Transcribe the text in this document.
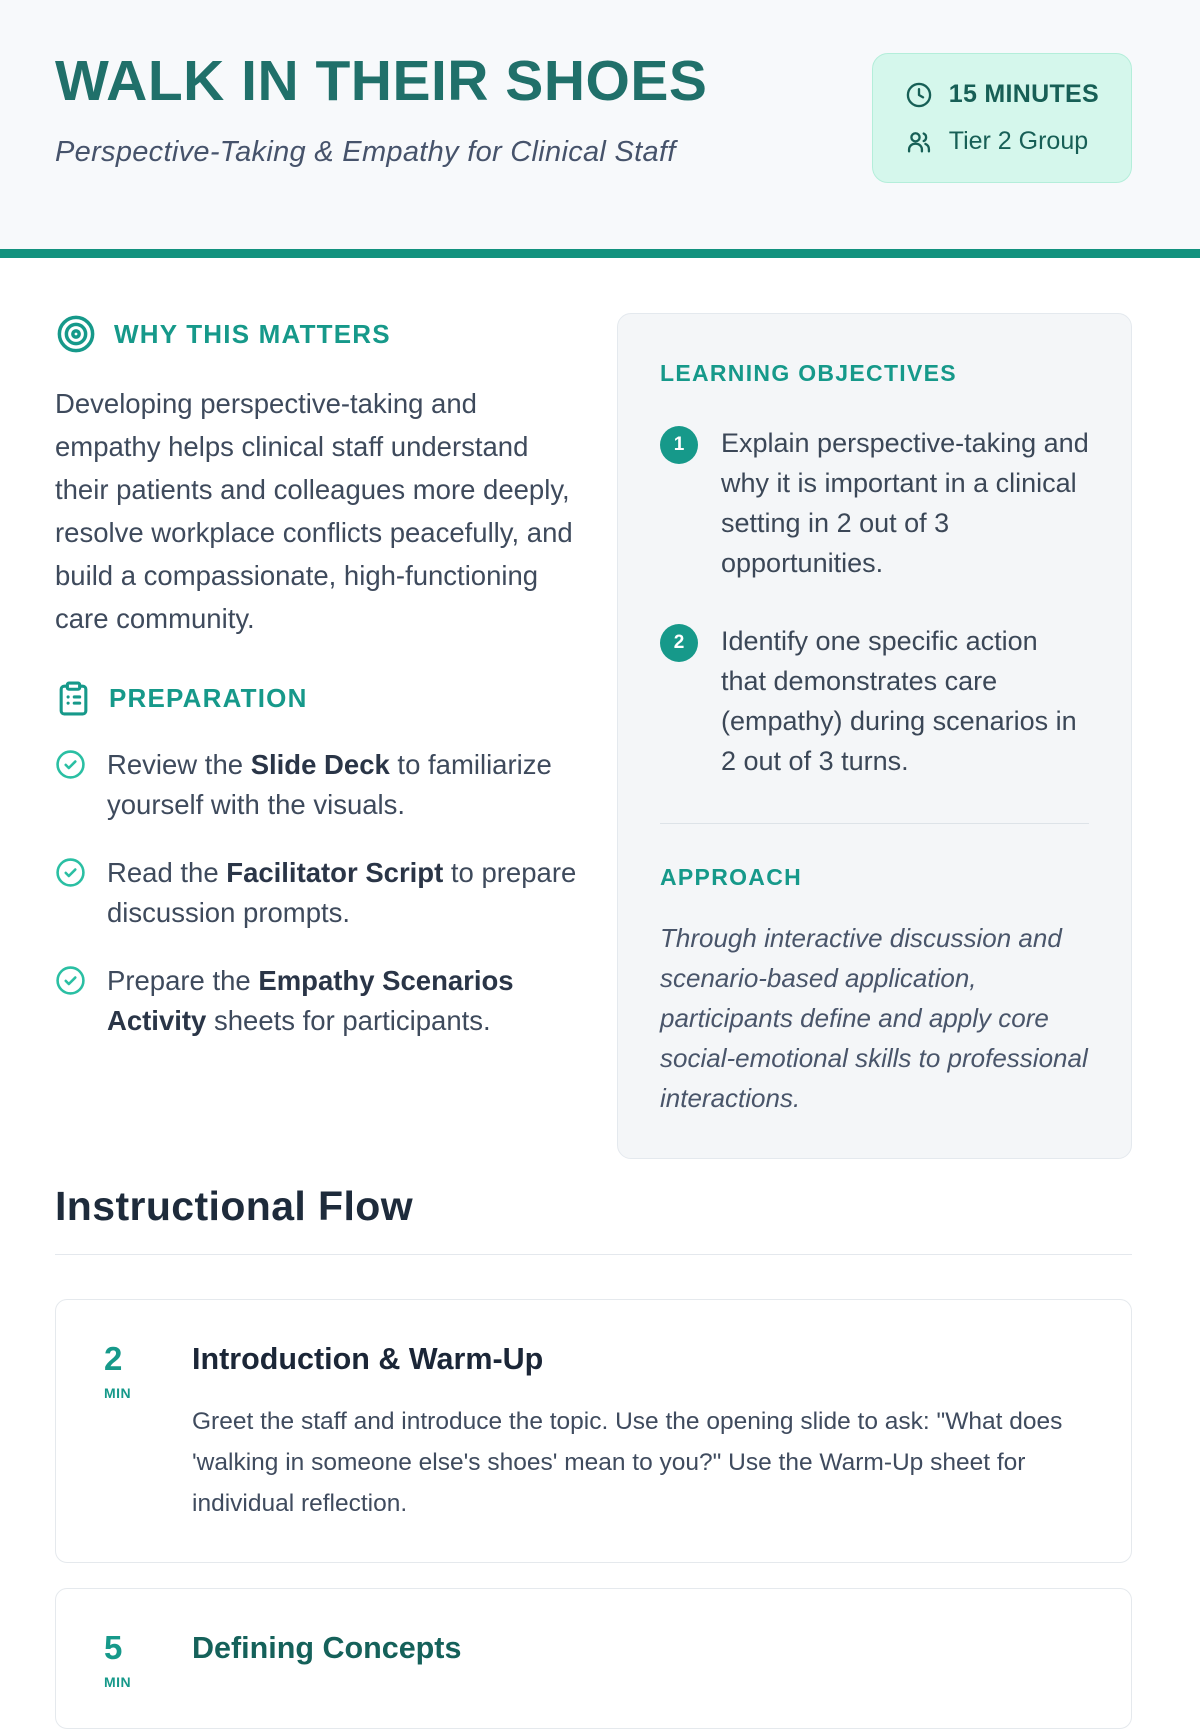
WALK IN THEIR SHOES

Perspective-Taking & Empathy for Clinical Staff

15 MINUTES
Tier 2 Group
WHY THIS MATTERS

Developing perspective-taking and empathy helps clinical staff understand their patients and colleagues more deeply, resolve workplace conflicts peacefully, and build a compassionate, high-functioning care community.

PREPARATION

Review the Slide Deck to familiarize yourself with the visuals.

Read the Facilitator Script to prepare discussion prompts.

Prepare the Empathy Scenarios Activity sheets for participants.

LEARNING OBJECTIVES
1	Explain perspective-taking and why it is important in a clinical setting in 2 out of 3 opportunities.

2	Identify one specific action that demonstrates care (empathy) during scenarios in 2 out of 3 turns.

APPROACH

Through interactive discussion and scenario-based application, participants define and apply core social-emotional skills to professional interactions.

Instructional Flow
2
MIN
Introduction & Warm-Up

Greet the staff and introduce the topic. Use the opening slide to ask: "What does 'walking in someone else's shoes' mean to you?" Use the Warm-Up sheet for individual reflection.

5
MIN
Defining Concepts
